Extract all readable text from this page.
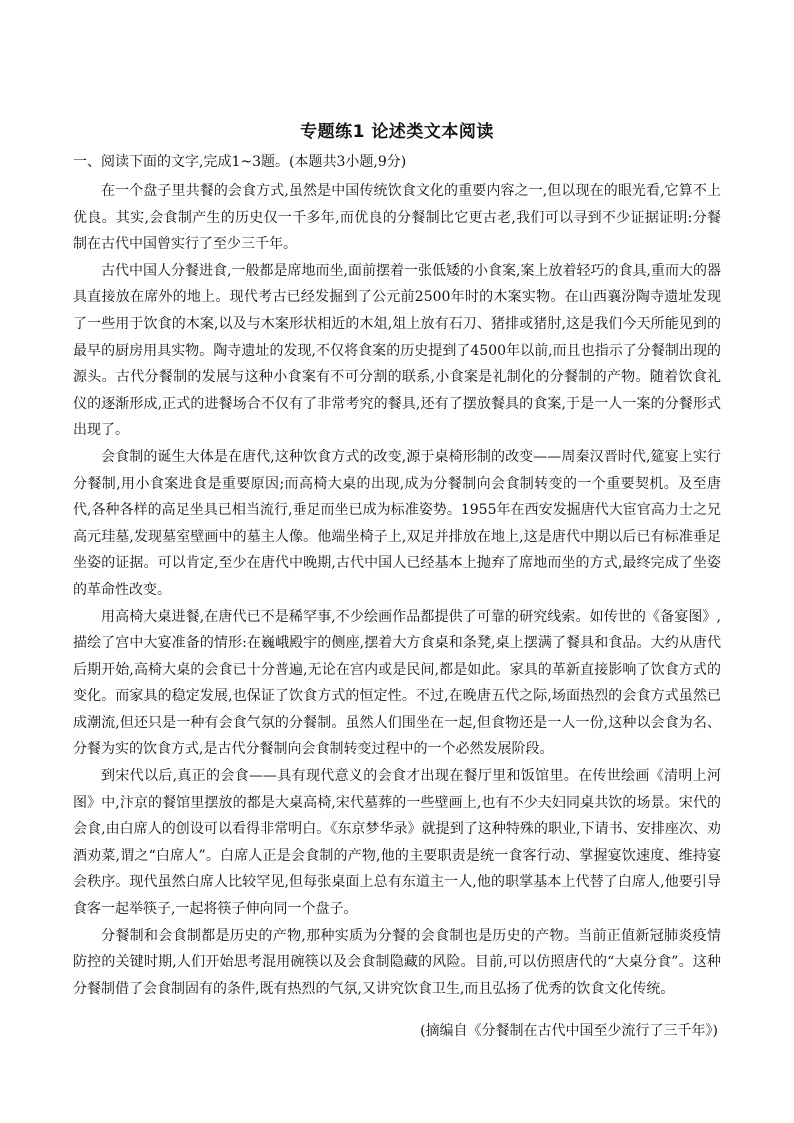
专题练1 论述类文本阅读

一、阅读下面的文字,完成1~3题。(本题共3小题,9分)

在一个盘子里共餐的会食方式,虽然是中国传统饮食文化的重要内容之一,但以现在的眼光看,它算不上优良。其实,会食制产生的历史仅一千多年,而优良的分餐制比它更古老,我们可以寻到不少证据证明:分餐制在古代中国曾实行了至少三千年。

古代中国人分餐进食,一般都是席地而坐,面前摆着一张低矮的小食案,案上放着轻巧的食具,重而大的器具直接放在席外的地上。现代考古已经发掘到了公元前2500年时的木案实物。在山西襄汾陶寺遗址发现了一些用于饮食的木案,以及与木案形状相近的木俎,俎上放有石刀、猪排或猪肘,这是我们今天所能见到的最早的厨房用具实物。陶寺遗址的发现,不仅将食案的历史提到了4500年以前,而且也指示了分餐制出现的源头。古代分餐制的发展与这种小食案有不可分割的联系,小食案是礼制化的分餐制的产物。随着饮食礼仪的逐渐形成,正式的进餐场合不仅有了非常考究的餐具,还有了摆放餐具的食案,于是一人一案的分餐形式出现了。

会食制的诞生大体是在唐代,这种饮食方式的改变,源于桌椅形制的改变——周秦汉晋时代,筵宴上实行分餐制,用小食案进食是重要原因;而高椅大桌的出现,成为分餐制向会食制转变的一个重要契机。及至唐代,各种各样的高足坐具已相当流行,垂足而坐已成为标准姿势。1955年在西安发掘唐代大宦官高力士之兄高元珪墓,发现墓室壁画中的墓主人像。他端坐椅子上,双足并排放在地上,这是唐代中期以后已有标准垂足坐姿的证据。可以肯定,至少在唐代中晚期,古代中国人已经基本上抛弃了席地而坐的方式,最终完成了坐姿的革命性改变。

用高椅大桌进餐,在唐代已不是稀罕事,不少绘画作品都提供了可靠的研究线索。如传世的《备宴图》,描绘了宫中大宴准备的情形:在巍峨殿宇的侧座,摆着大方食桌和条凳,桌上摆满了餐具和食品。大约从唐代后期开始,高椅大桌的会食已十分普遍,无论在宫内或是民间,都是如此。家具的革新直接影响了饮食方式的变化。而家具的稳定发展,也保证了饮食方式的恒定性。不过,在晚唐五代之际,场面热烈的会食方式虽然已成潮流,但还只是一种有会食气氛的分餐制。虽然人们围坐在一起,但食物还是一人一份,这种以会食为名、分餐为实的饮食方式,是古代分餐制向会食制转变过程中的一个必然发展阶段。

到宋代以后,真正的会食——具有现代意义的会食才出现在餐厅里和饭馆里。在传世绘画《清明上河图》中,汴京的餐馆里摆放的都是大桌高椅,宋代墓葬的一些壁画上,也有不少夫妇同桌共饮的场景。宋代的会食,由白席人的创设可以看得非常明白。《东京梦华录》就提到了这种特殊的职业,下请书、安排座次、劝酒劝菜,谓之“白席人”。白席人正是会食制的产物,他的主要职责是统一食客行动、掌握宴饮速度、维持宴会秩序。现代虽然白席人比较罕见,但每张桌面上总有东道主一人,他的职掌基本上代替了白席人,他要引导食客一起举筷子,一起将筷子伸向同一个盘子。

分餐制和会食制都是历史的产物,那种实质为分餐的会食制也是历史的产物。当前正值新冠肺炎疫情防控的关键时期,人们开始思考混用碗筷以及会食制隐藏的风险。目前,可以仿照唐代的“大桌分食”。这种分餐制借了会食制固有的条件,既有热烈的气氛,又讲究饮食卫生,而且弘扬了优秀的饮食文化传统。

(摘编自《分餐制在古代中国至少流行了三千年》)
